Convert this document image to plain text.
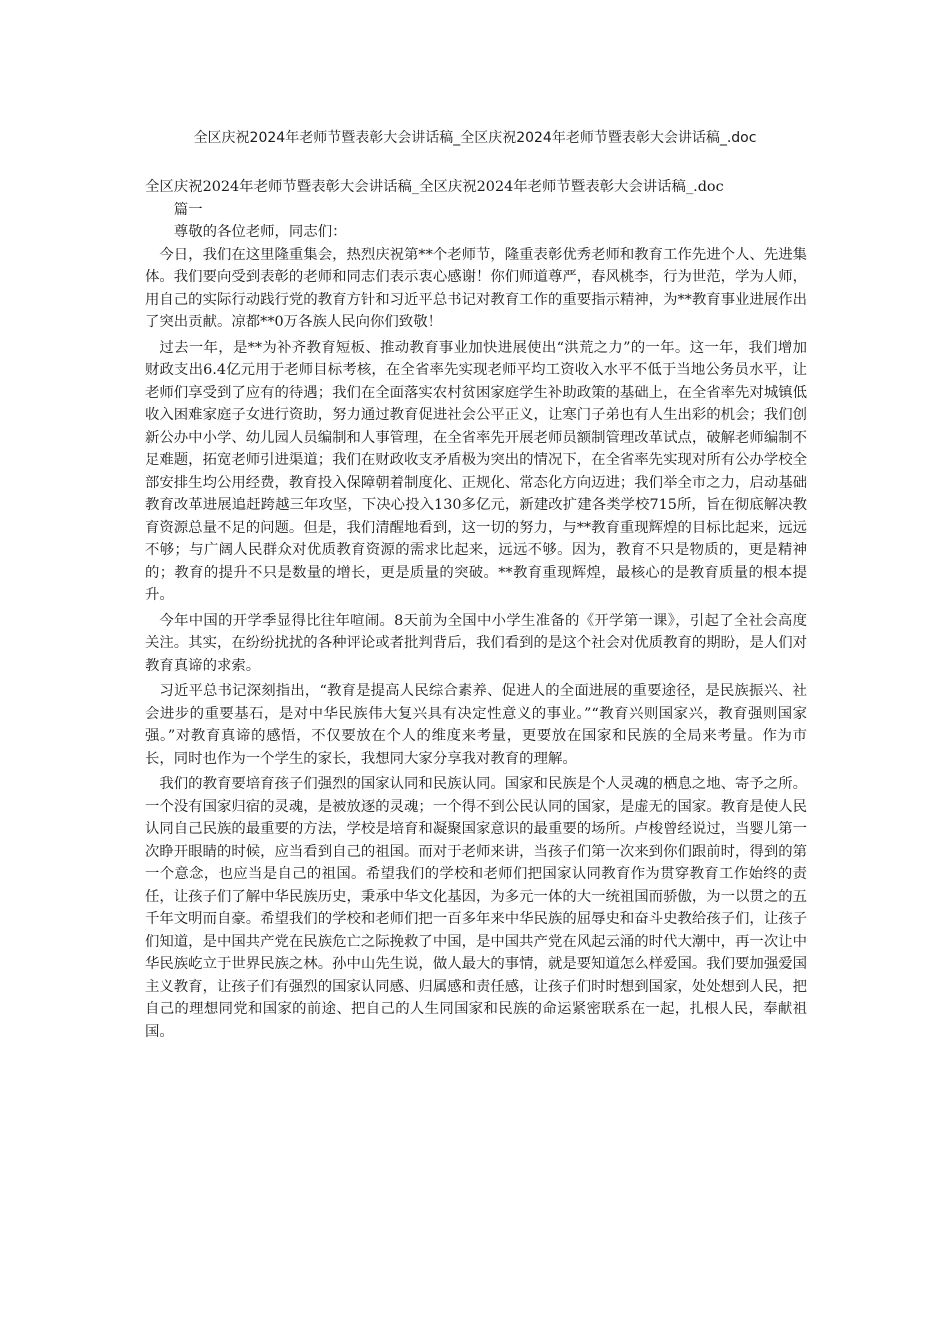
全区庆祝2024年老师节暨表彰大会讲话稿_全区庆祝2024年老师节暨表彰大会讲话稿_.doc

全区庆祝2024年老师节暨表彰大会讲话稿_全区庆祝2024年老师节暨表彰大会讲话稿_.doc

篇一

尊敬的各位老师，同志们：

今日，我们在这里隆重集会，热烈庆祝第**个老师节，隆重表彰优秀老师和教育工作先进个人、先进集体。我们要向受到表彰的老师和同志们表示衷心感谢！你们师道尊严，春风桃李，行为世范，学为人师，用自己的实际行动践行党的教育方针和习近平总书记对教育工作的重要指示精神，为**教育事业进展作出了突出贡献。凉都**0万各族人民向你们致敬！

过去一年，是**为补齐教育短板、推动教育事业加快进展使出“洪荒之力”的一年。这一年，我们增加财政支出6.4亿元用于老师目标考核，在全省率先实现老师平均工资收入水平不低于当地公务员水平，让老师们享受到了应有的待遇；我们在全面落实农村贫困家庭学生补助政策的基础上，在全省率先对城镇低收入困难家庭子女进行资助，努力通过教育促进社会公平正义，让寒门子弟也有人生出彩的机会；我们创新公办中小学、幼儿园人员编制和人事管理，在全省率先开展老师员额制管理改革试点，破解老师编制不足难题，拓宽老师引进渠道；我们在财政收支矛盾极为突出的情况下，在全省率先实现对所有公办学校全部安排生均公用经费，教育投入保障朝着制度化、正规化、常态化方向迈进；我们举全市之力，启动基础教育改革进展追赶跨越三年攻坚，下决心投入130多亿元，新建改扩建各类学校715所，旨在彻底解决教育资源总量不足的问题。但是，我们清醒地看到，这一切的努力，与**教育重现辉煌的目标比起来，远远不够；与广阔人民群众对优质教育资源的需求比起来，远远不够。因为，教育不只是物质的，更是精神的；教育的提升不只是数量的增长，更是质量的突破。**教育重现辉煌，最核心的是教育质量的根本提升。

今年中国的开学季显得比往年喧闹。8天前为全国中小学生准备的《开学第一课》，引起了全社会高度关注。其实，在纷纷扰扰的各种评论或者批判背后，我们看到的是这个社会对优质教育的期盼，是人们对教育真谛的求索。

习近平总书记深刻指出，“教育是提高人民综合素养、促进人的全面进展的重要途径，是民族振兴、社会进步的重要基石，是对中华民族伟大复兴具有决定性意义的事业。”“教育兴则国家兴，教育强则国家强。”对教育真谛的感悟，不仅要放在个人的维度来考量，更要放在国家和民族的全局来考量。作为市长，同时也作为一个学生的家长，我想同大家分享我对教育的理解。

我们的教育要培育孩子们强烈的国家认同和民族认同。国家和民族是个人灵魂的栖息之地、寄予之所。一个没有国家归宿的灵魂，是被放逐的灵魂；一个得不到公民认同的国家，是虚无的国家。教育是使人民认同自己民族的最重要的方法，学校是培育和凝聚国家意识的最重要的场所。卢梭曾经说过，当婴儿第一次睁开眼睛的时候，应当看到自己的祖国。而对于老师来讲，当孩子们第一次来到你们跟前时，得到的第一个意念，也应当是自己的祖国。希望我们的学校和老师们把国家认同教育作为贯穿教育工作始终的责任，让孩子们了解中华民族历史，秉承中华文化基因，为多元一体的大一统祖国而骄傲，为一以贯之的五千年文明而自豪。希望我们的学校和老师们把一百多年来中华民族的屈辱史和奋斗史教给孩子们，让孩子们知道，是中国共产党在民族危亡之际挽救了中国，是中国共产党在风起云涌的时代大潮中，再一次让中华民族屹立于世界民族之林。孙中山先生说，做人最大的事情，就是要知道怎么样爱国。我们要加强爱国主义教育，让孩子们有强烈的国家认同感、归属感和责任感，让孩子们时时想到国家，处处想到人民，把自己的理想同党和国家的前途、把自己的人生同国家和民族的命运紧密联系在一起，扎根人民，奉献祖国。
